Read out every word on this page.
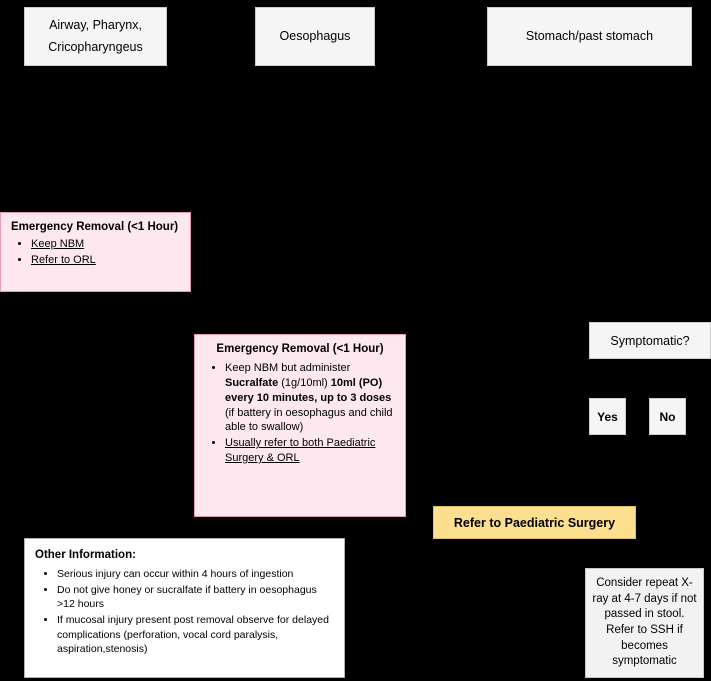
Airway, Pharynx, Cricopharyngeus
Oesophagus	Stomach/past stomach
Emergency Removal (<1 Hour)
• Keep NBM
• Refer to ORL
Emergency Removal (<1 Hour)
• Keep NBM but administer Sucralfate (1g/10ml) 10ml (PO) every 10 minutes, up to 3 doses (if battery in oesophagus and child able to swallow)
• Usually refer to both Paediatric Surgery & ORL
Other Information:
• Serious injury can occur within 4 hours of ingestion
• Do not give honey or sucralfate if battery in oesophagus >12 hours
• If mucosal injury present post removal observe for delayed complications (perforation, vocal cord paralysis, aspiration,stenosis)
Symptomatic?
Yes	No
Refer to Paediatric Surgery
Consider repeat X-ray at 4-7 days if not passed in stool. Refer to SSH if becomes symptomatic
